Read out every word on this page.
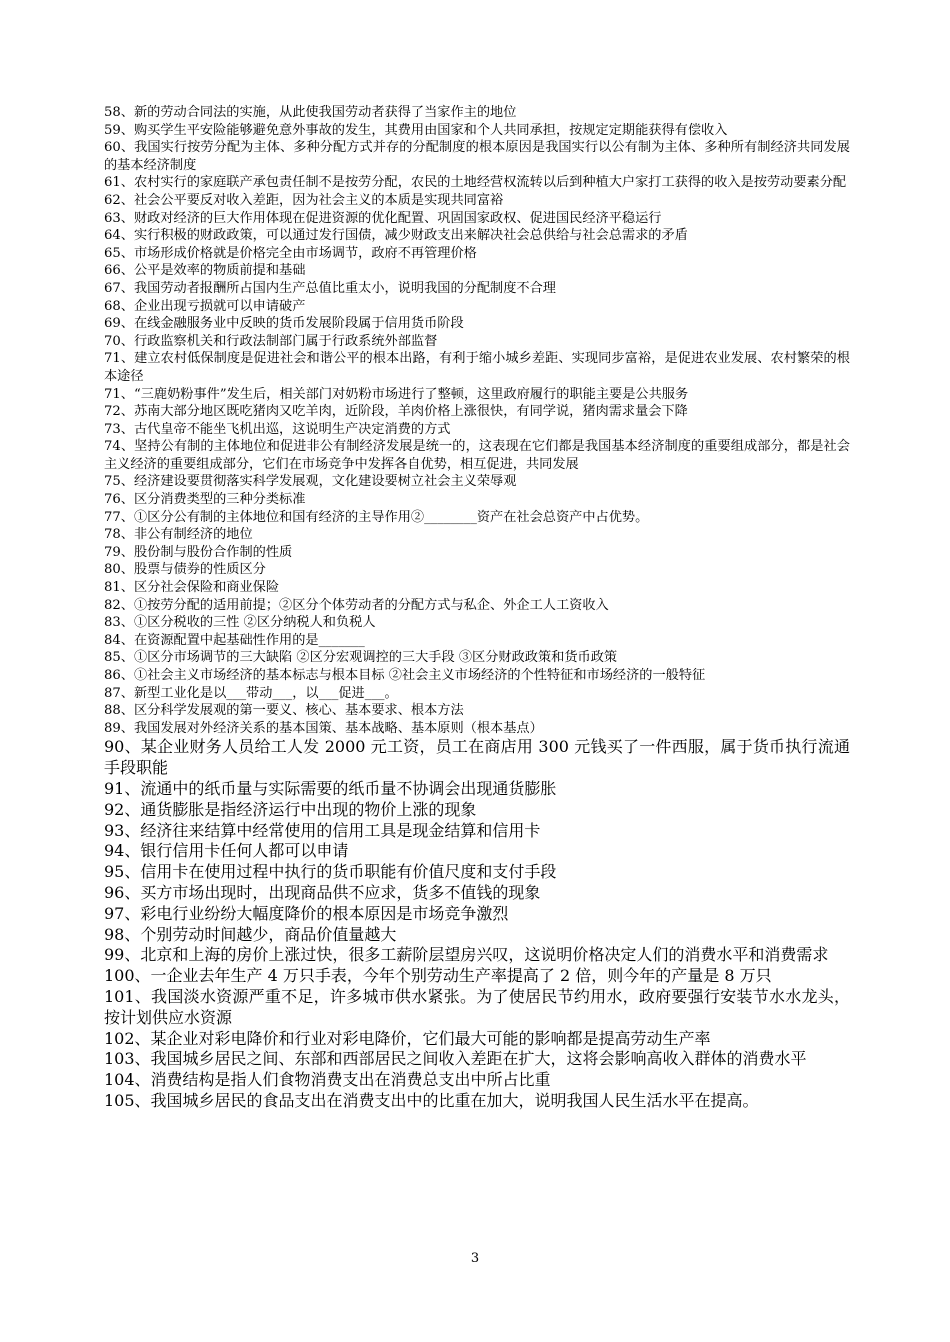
58、新的劳动合同法的实施，从此使我国劳动者获得了当家作主的地位

59、购买学生平安险能够避免意外事故的发生，其费用由国家和个人共同承担，按规定定期能获得有偿收入

60、我国实行按劳分配为主体、多种分配方式并存的分配制度的根本原因是我国实行以公有制为主体、多种所有制经济共同发展的基本经济制度

61、农村实行的家庭联产承包责任制不是按劳分配，农民的土地经营权流转以后到种植大户家打工获得的收入是按劳动要素分配

62、社会公平要反对收入差距，因为社会主义的本质是实现共同富裕

63、财政对经济的巨大作用体现在促进资源的优化配置、巩固国家政权、促进国民经济平稳运行

64、实行积极的财政政策，可以通过发行国债，减少财政支出来解决社会总供给与社会总需求的矛盾

65、市场形成价格就是价格完全由市场调节，政府不再管理价格

66、公平是效率的物质前提和基础

67、我国劳动者报酬所占国内生产总值比重太小，说明我国的分配制度不合理

68、企业出现亏损就可以申请破产

69、在线金融服务业中反映的货币发展阶段属于信用货币阶段

70、行政监察机关和行政法制部门属于行政系统外部监督

71、建立农村低保制度是促进社会和谐公平的根本出路，有利于缩小城乡差距、实现同步富裕，是促进农业发展、农村繁荣的根本途径

71、“三鹿奶粉事件”发生后，相关部门对奶粉市场进行了整顿，这里政府履行的职能主要是公共服务

72、苏南大部分地区既吃猪肉又吃羊肉，近阶段，羊肉价格上涨很快，有同学说，猪肉需求量会下降

73、古代皇帝不能坐飞机出巡，这说明生产决定消费的方式

74、坚持公有制的主体地位和促进非公有制经济发展是统一的，这表现在它们都是我国基本经济制度的重要组成部分，都是社会主义经济的重要组成部分，它们在市场竞争中发挥各自优势，相互促进，共同发展

75、经济建设要贯彻落实科学发展观，文化建设要树立社会主义荣辱观

76、区分消费类型的三种分类标准

77、①区分公有制的主体地位和国有经济的主导作用②________资产在社会总资产中占优势。

78、非公有制经济的地位

79、股份制与股份合作制的性质

80、股票与债券的性质区分

81、区分社会保险和商业保险

82、①按劳分配的适用前提；②区分个体劳动者的分配方式与私企、外企工人工资收入

83、①区分税收的三性 ②区分纳税人和负税人

84、在资源配置中起基础性作用的是_______

85、①区分市场调节的三大缺陷 ②区分宏观调控的三大手段 ③区分财政政策和货币政策

86、①社会主义市场经济的基本标志与根本目标 ②社会主义市场经济的个性特征和市场经济的一般特征

87、新型工业化是以___带动___，以___促进___。

88、区分科学发展观的第一要义、核心、基本要求、根本方法

89、我国发展对外经济关系的基本国策、基本战略、基本原则（根本基点）

90、某企业财务人员给工人发 2000 元工资，员工在商店用 300 元钱买了一件西服，属于货币执行流通手段职能

91、流通中的纸币量与实际需要的纸币量不协调会出现通货膨胀

92、通货膨胀是指经济运行中出现的物价上涨的现象

93、经济往来结算中经常使用的信用工具是现金结算和信用卡

94、银行信用卡任何人都可以申请

95、信用卡在使用过程中执行的货币职能有价值尺度和支付手段

96、买方市场出现时，出现商品供不应求，货多不值钱的现象

97、彩电行业纷纷大幅度降价的根本原因是市场竞争激烈

98、个别劳动时间越少，商品价值量越大

99、北京和上海的房价上涨过快，很多工薪阶层望房兴叹，这说明价格决定人们的消费水平和消费需求

100、一企业去年生产 4 万只手表，今年个别劳动生产率提高了 2 倍，则今年的产量是 8 万只

101、我国淡水资源严重不足，许多城市供水紧张。为了使居民节约用水，政府要强行安装节水水龙头，按计划供应水资源

102、某企业对彩电降价和行业对彩电降价，它们最大可能的影响都是提高劳动生产率

103、我国城乡居民之间、东部和西部居民之间收入差距在扩大，这将会影响高收入群体的消费水平

104、消费结构是指人们食物消费支出在消费总支出中所占比重

105、我国城乡居民的食品支出在消费支出中的比重在加大，说明我国人民生活水平在提高。

3
